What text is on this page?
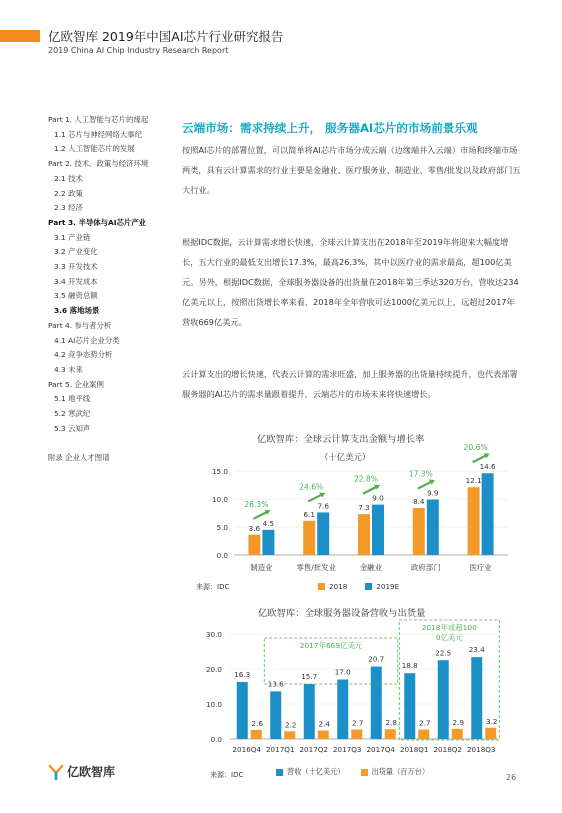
亿欧智库 2019年中国AI芯片行业研究报告
2019 China AI Chip Industry Research Report
Part 1. 人工智能与芯片的缘起
1.1 芯片与神经网络大事纪
1.2 人工智能芯片的发展
Part 2. 技术、政策与经济环境
2.1 技术
2.2 政策
2.3 经济
Part 3. 半导体与AI芯片产业
3.1 产业链
3.2 产业变化
3.3 开发技术
3.4 开发成本
3.5 融资总额
3.6 落地场景
Part 4. 参与者分析
4.1 AI芯片企业分类
4.2 竞争态势分析
4.3 未来
Part 5. 企业案例
5.1 地平线
5.2 寒武纪
5.3 云知声

附录 企业人才图谱
云端市场：需求持续上升， 服务器AI芯片的市场前景乐观
按照AI芯片的部署位置，可以简单将AI芯片市场分成云端（边缘端并入云端）市场和终端市场两类，具有云计算需求的行业主要是金融业、医疗服务业、制造业、零售/批发以及政府部门五大行业。
根据IDC数据，云计算需求增长快速，全球云计算支出在2018年至2019年将迎来大幅度增长，五大行业的最低支出增长17.3%，最高26.3%，其中以医疗业的需求最高，超100亿美元。另外，根据IDC数据，全球服务器设备的出货量在2018年第三季达320万台，营收达234亿美元以上，按照出货增长率来看，2018年全年营收可达1000亿美元以上，远超过2017年营收669亿美元。
云计算支出的增长快速，代表云计算的需求旺盛，加上服务器的出货量持续提升，也代表部署服务器的AI芯片的需求量跟着提升，云端芯片的市场未来将快速增长。
亿欧智库：全球云计算支出金额与增长率
（十亿美元）
0.0
5.0
10.0
15.0
3.6
4.5
制造业
26.3%
6.1
7.6
零售/批发业
24.6%
7.3
9.0
金融业
22.8%
8.4
9.9
政府部门
17.3%
12.1
14.6
医疗业
20.6%
来源：IDC	2018	2019E
亿欧智库：全球服务器设备营收与出货量
0.0
10.0
20.0
30.0
16.3
2.6
2016Q4
13.6
2.2
2017Q1
15.7
2.4
2017Q2
17.0
2.7
2017Q3
20.7
2.8
2017Q4
18.8
2.7
2018Q1
22.5
2.9
2018Q2
23.4
3.2
2018Q3
2017年669亿美元
2018年或超100
0亿美元
来源：IDC	营收（十亿美元）	出货量（百万台）
亿欧智库	26
